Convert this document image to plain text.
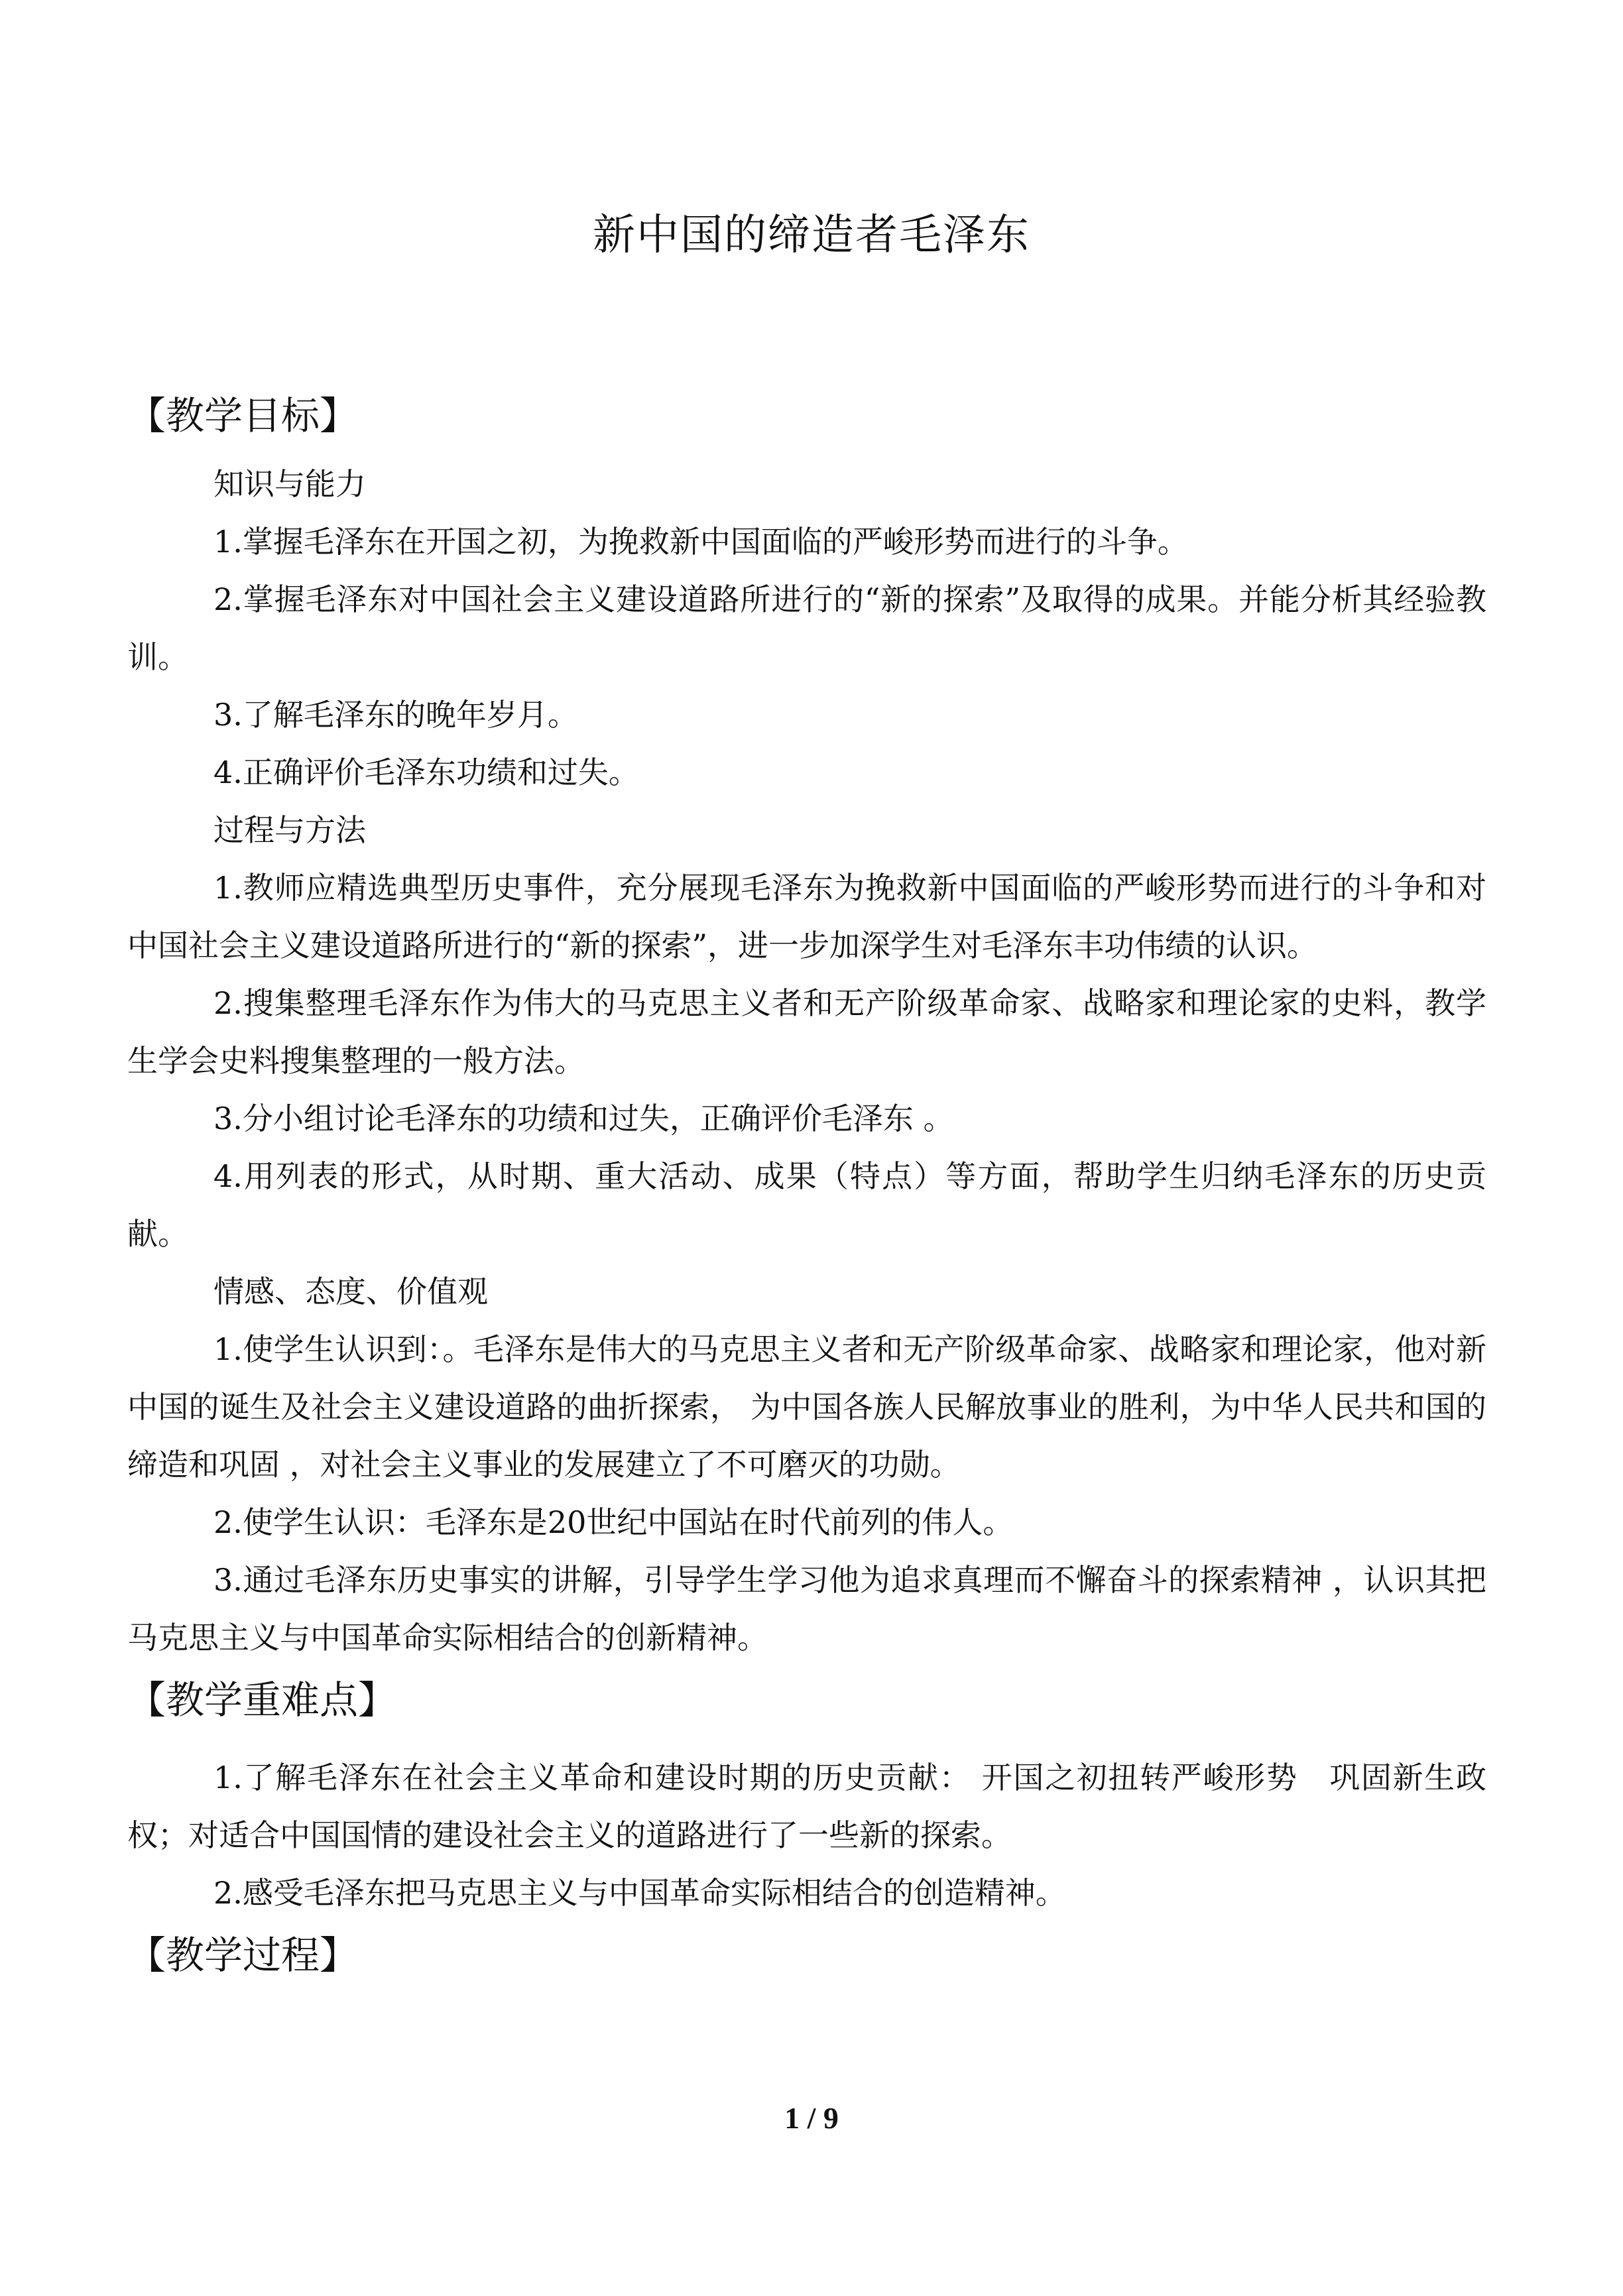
新中国的缔造者毛泽东
【教学目标】

知识与能力

1.掌握毛泽东在开国之初，为挽救新中国面临的严峻形势而进行的斗争。

2.掌握毛泽东对中国社会主义建设道路所进行的“新的探索”及取得的成果。并能分析其经验教训。

3.了解毛泽东的晚年岁月。

4.正确评价毛泽东功绩和过失。

过程与方法

1.教师应精选典型历史事件，充分展现毛泽东为挽救新中国面临的严峻形势而进行的斗争和对中国社会主义建设道路所进行的“新的探索”，进一步加深学生对毛泽东丰功伟绩的认识。

2.搜集整理毛泽东作为伟大的马克思主义者和无产阶级革命家、战略家和理论家的史料，教学生学会史料搜集整理的一般方法。

3.分小组讨论毛泽东的功绩和过失，正确评价毛泽东 。

4.用列表的形式，从时期、重大活动、成果（特点）等方面，帮助学生归纳毛泽东的历史贡献。

情感、态度、价值观

1.使学生认识到：。毛泽东是伟大的马克思主义者和无产阶级革命家、战略家和理论家，他对新中国的诞生及社会主义建设道路的曲折探索， 为中国各族人民解放事业的胜利，为中华人民共和国的缔造和巩固 ，对社会主义事业的发展建立了不可磨灭的功勋。

2.使学生认识：毛泽东是20世纪中国站在时代前列的伟人。

3.通过毛泽东历史事实的讲解，引导学生学习他为追求真理而不懈奋斗的探索精神 ，认识其把马克思主义与中国革命实际相结合的创新精神。

【教学重难点】

1.了解毛泽东在社会主义革命和建设时期的历史贡献： 开国之初扭转严峻形势　巩固新生政权；对适合中国国情的建设社会主义的道路进行了一些新的探索。

2.感受毛泽东把马克思主义与中国革命实际相结合的创造精神。

【教学过程】
1 / 9
